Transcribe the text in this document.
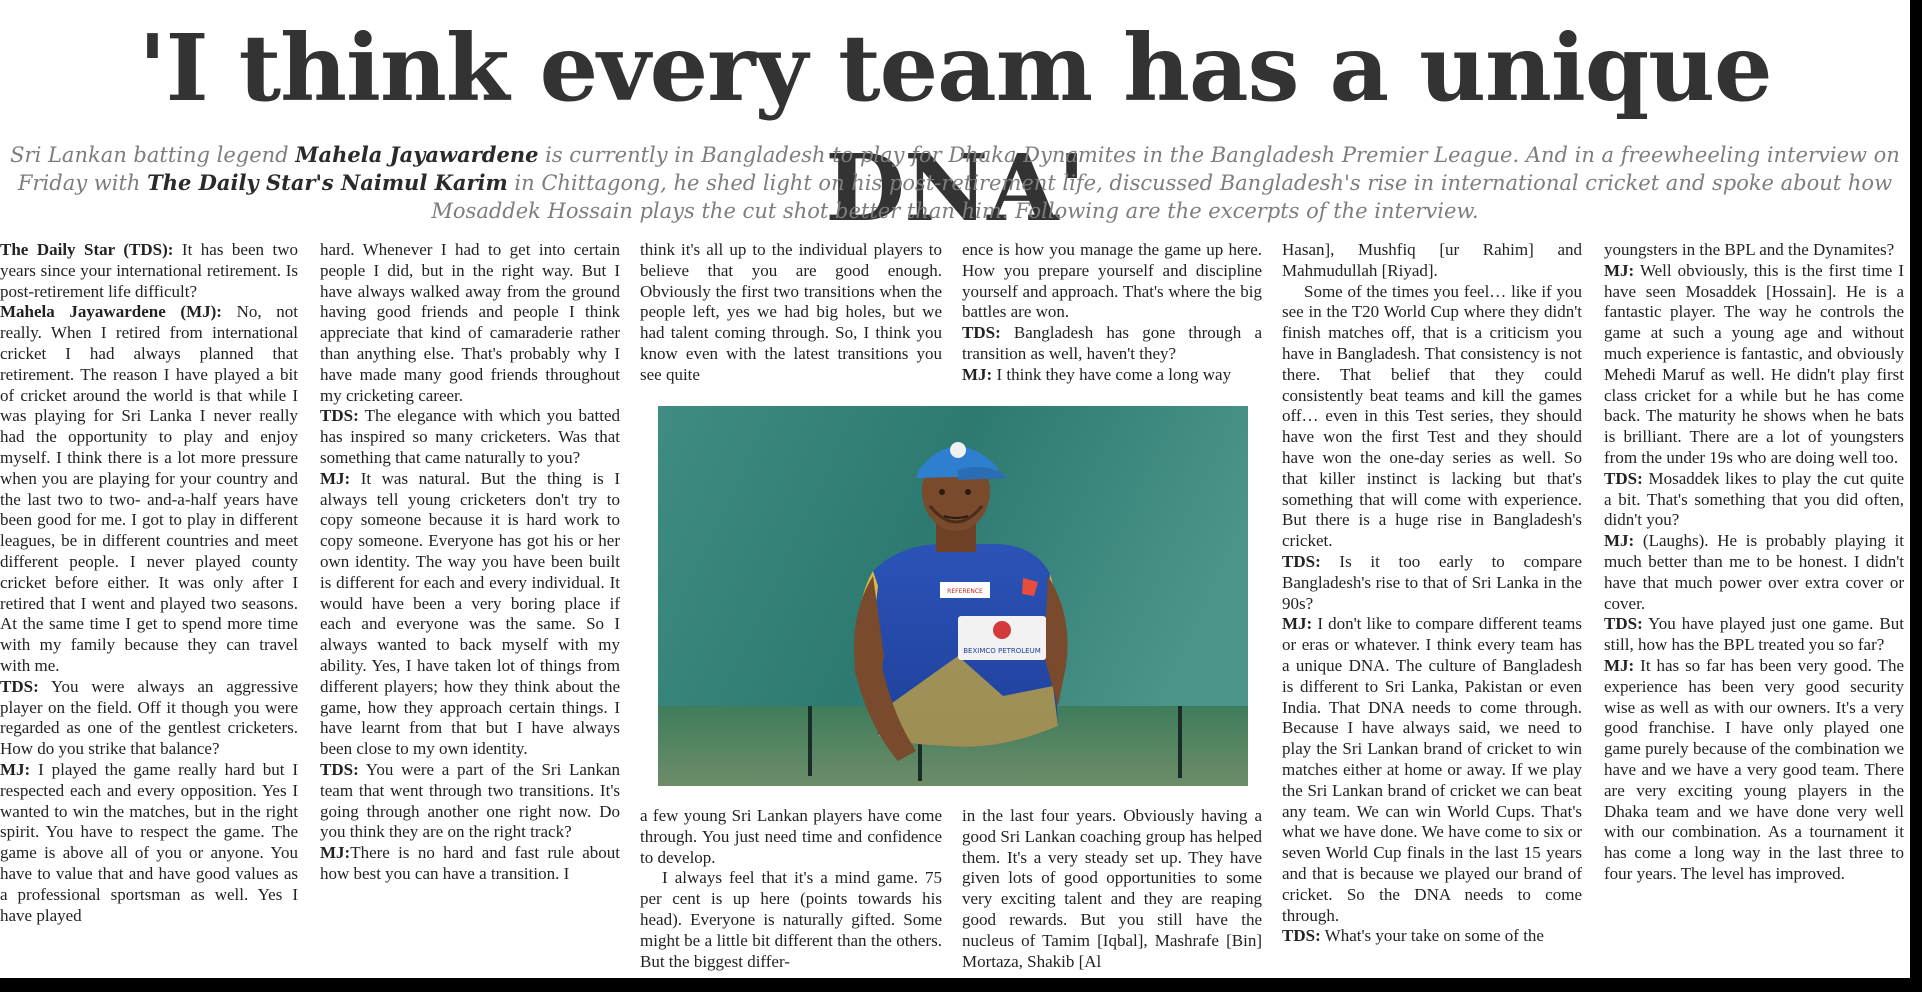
'I think every team has a unique DNA'

Sri Lankan batting legend Mahela Jayawardene is currently in Bangladesh to play for Dhaka Dynamites in the Bangladesh Premier League. And in a freewheeling interview on Friday with The Daily Star's Naimul Karim in Chittagong, he shed light on his post-retirement life, discussed Bangladesh's rise in international cricket and spoke about how Mosaddek Hossain plays the cut shot better than him. Following are the excerpts of the interview.

The Daily Star (TDS): It has been two years since your international retirement. Is post-retirement life difficult?

Mahela Jayawardene (MJ): No, not really. When I retired from international cricket I had always planned that retirement. The reason I have played a bit of cricket around the world is that while I was playing for Sri Lanka I never really had the opportunity to play and enjoy myself. I think there is a lot more pressure when you are playing for your country and the last two to two- and-a-half years have been good for me. I got to play in different leagues, be in different countries and meet different people. I never played county cricket before either. It was only after I retired that I went and played two seasons. At the same time I get to spend more time with my family because they can travel with me.

TDS: You were always an aggressive player on the field. Off it though you were regarded as one of the gentlest cricketers. How do you strike that balance?

MJ: I played the game really hard but I respected each and every opposition. Yes I wanted to win the matches, but in the right spirit. You have to respect the game. The game is above all of you or anyone. You have to value that and have good values as a professional sportsman as well. Yes I have played

hard. Whenever I had to get into certain people I did, but in the right way. But I have always walked away from the ground having good friends and people I think appreciate that kind of camaraderie rather than anything else. That's probably why I have made many good friends throughout my cricketing career.

TDS: The elegance with which you batted has inspired so many cricketers. Was that something that came naturally to you?

MJ: It was natural. But the thing is I always tell young cricketers don't try to copy someone because it is hard work to copy someone. Everyone has got his or her own identity. The way you have been built is different for each and every individual. It would have been a very boring place if each and everyone was the same. So I always wanted to back myself with my ability. Yes, I have taken lot of things from different players; how they think about the game, how they approach certain things. I have learnt from that but I have always been close to my own identity.

TDS: You were a part of the Sri Lankan team that went through two transitions. It's going through another one right now. Do you think they are on the right track?

MJ:There is no hard and fast rule about how best you can have a transition. I

think it's all up to the individual players to believe that you are good enough. Obviously the first two transitions when the people left, yes we had big holes, but we had talent coming through. So, I think you know even with the latest transitions you see quite

ence is how you manage the game up here. How you prepare yourself and discipline yourself and approach. That's where the big battles are won.

TDS: Bangladesh has gone through a transition as well, haven't they?

MJ: I think they have come a long way

a few young Sri Lankan players have come through. You just need time and confidence to develop.

I always feel that it's a mind game. 75 per cent is up here (points towards his head). Everyone is naturally gifted. Some might be a little bit different than the others. But the biggest differ-

in the last four years. Obviously having a good Sri Lankan coaching group has helped them. It's a very steady set up. They have given lots of good opportunities to some very exciting talent and they are reaping good rewards. But you still have the nucleus of Tamim [Iqbal], Mashrafe [Bin] Mortaza, Shakib [Al

Hasan], Mushfiq [ur Rahim] and Mahmudullah [Riyad].

Some of the times you feel… like if you see in the T20 World Cup where they didn't finish matches off, that is a criticism you have in Bangladesh. That consistency is not there. That belief that they could consistently beat teams and kill the games off… even in this Test series, they should have won the first Test and they should have won the one-day series as well. So that killer instinct is lacking but that's something that will come with experience. But there is a huge rise in Bangladesh's cricket.

TDS: Is it too early to compare Bangladesh's rise to that of Sri Lanka in the 90s?

MJ: I don't like to compare different teams or eras or whatever. I think every team has a unique DNA. The culture of Bangladesh is different to Sri Lanka, Pakistan or even India. That DNA needs to come through. Because I have always said, we need to play the Sri Lankan brand of cricket to win matches either at home or away. If we play the Sri Lankan brand of cricket we can beat any team. We can win World Cups. That's what we have done. We have come to six or seven World Cup finals in the last 15 years and that is because we played our brand of cricket. So the DNA needs to come through.

TDS: What's your take on some of the

youngsters in the BPL and the Dynamites?

MJ: Well obviously, this is the first time I have seen Mosaddek [Hossain]. He is a fantastic player. The way he controls the game at such a young age and without much experience is fantastic, and obviously Mehedi Maruf as well. He didn't play first class cricket for a while but he has come back. The maturity he shows when he bats is brilliant. There are a lot of youngsters from the under 19s who are doing well too.

TDS: Mosaddek likes to play the cut quite a bit. That's something that you did often, didn't you?

MJ: (Laughs). He is probably playing it much better than me to be honest. I didn't have that much power over extra cover or cover.

TDS: You have played just one game. But still, how has the BPL treated you so far?

MJ: It has so far has been very good. The experience has been very good security wise as well as with our owners. It's a very good franchise. I have only played one game purely because of the combination we have and we have a very good team. There are very exciting young players in the Dhaka team and we have done very well with our combination. As a tournament it has come a long way in the last three to four years. The level has improved.

BEXIMCO PETROLEUM
REFERENCE
